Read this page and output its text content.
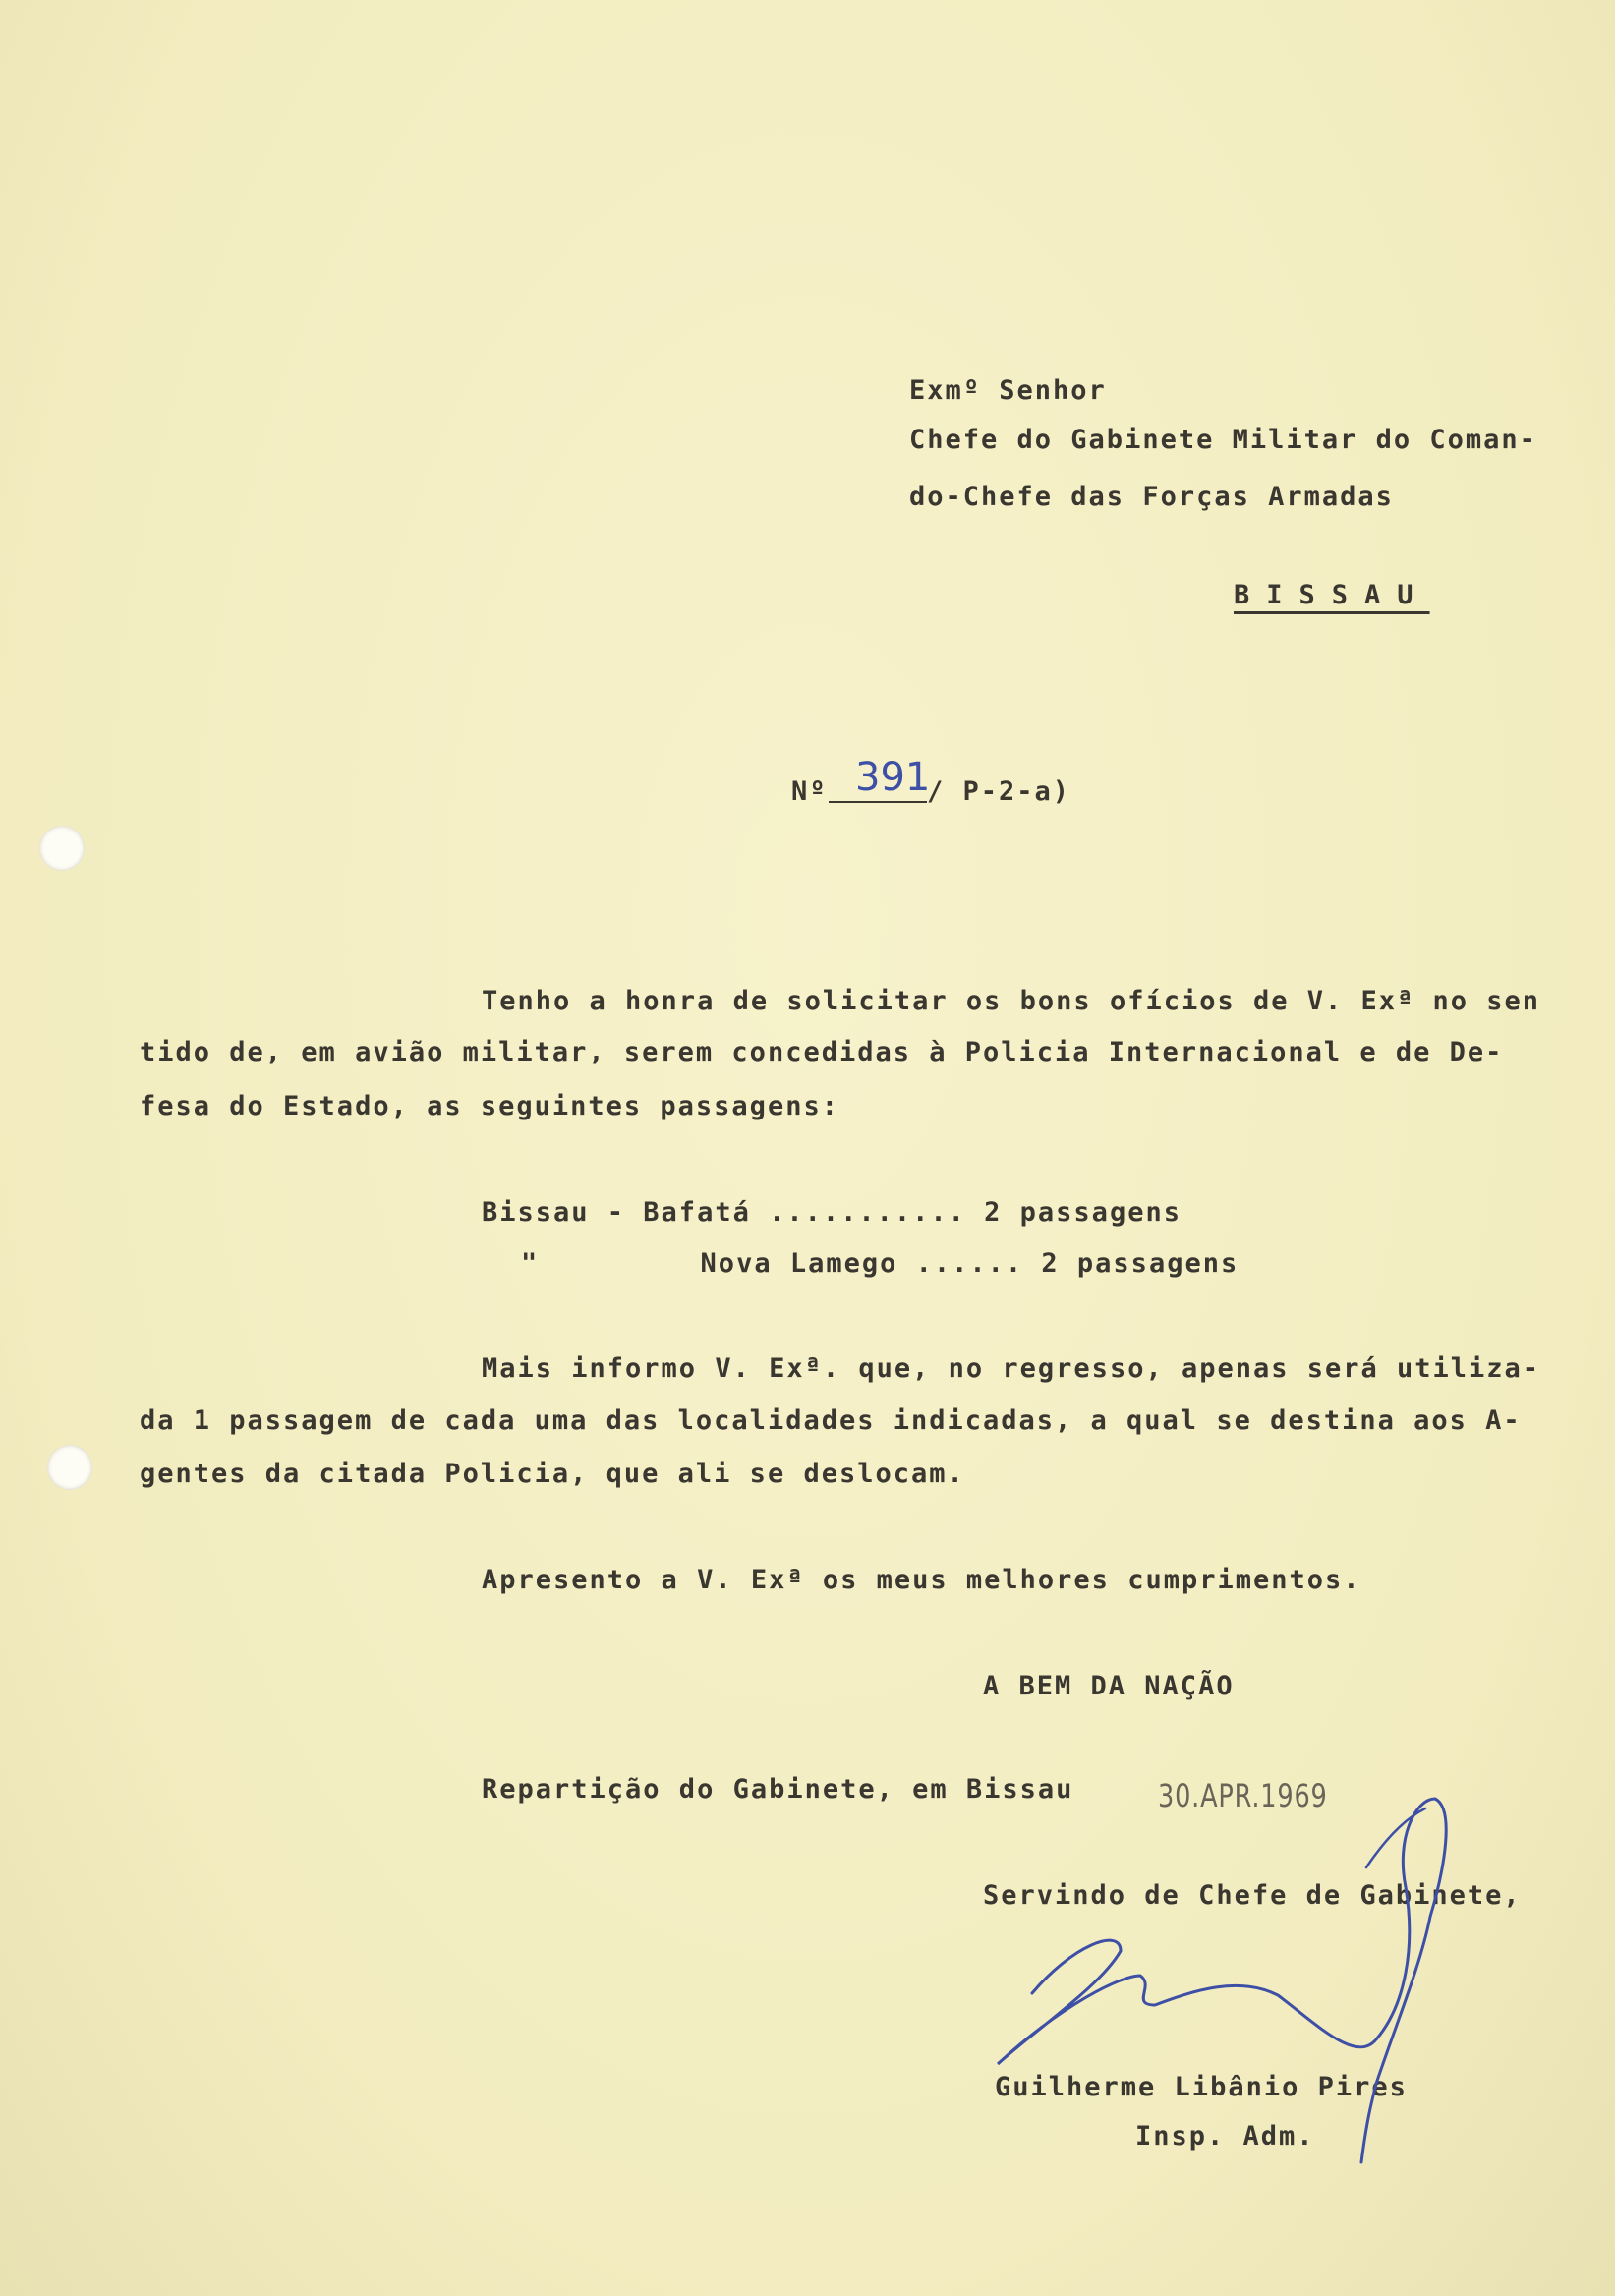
Exmº Senhor
Chefe do Gabinete Militar do Coman-
do-Chefe das Forças Armadas
BISSAU
Nº 391
/ P-2-a)
Tenho a honra de solicitar os bons ofícios de V. Exª no sen
tido de, em avião militar, serem concedidas à Policia Internacional e de De-
fesa do Estado, as seguintes passagens:
Bissau - Bafatá ........... 2 passagens
"         Nova Lamego ...... 2 passagens
Mais informo V. Exª. que, no regresso, apenas será utiliza-
da 1 passagem de cada uma das localidades indicadas, a qual se destina aos A-
gentes da citada Policia, que ali se deslocam.
Apresento a V. Exª os meus melhores cumprimentos.
A BEM DA NAÇÃO
Repartição do Gabinete, em Bissau	30.APR.1969
Servindo de Chefe de Gabinete,
Guilherme Libânio Pires
Insp. Adm.
